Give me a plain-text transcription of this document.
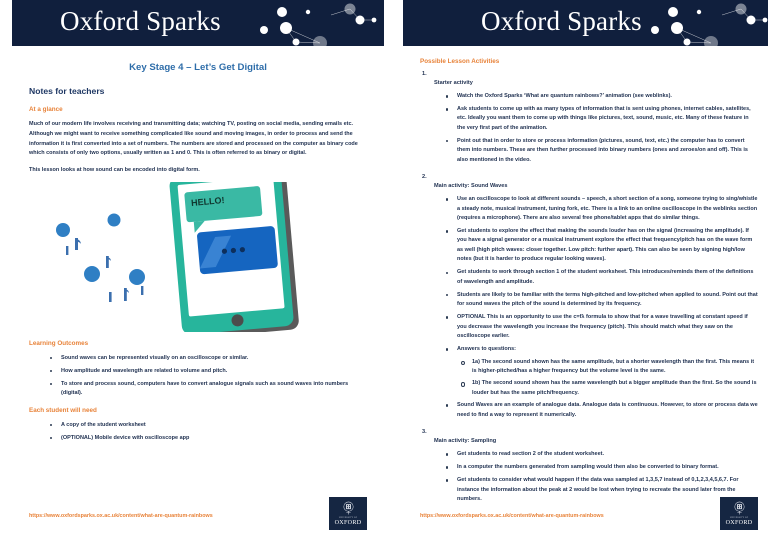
Oxford Sparks
Key Stage 4 – Let’s Get Digital
Notes for teachers
At a glance

Much of our modern life involves receiving and transmitting data; watching TV, posting on social media, sending emails etc. Although we might want to receive something complicated like sound and moving images, in order to process and send the information it is first converted into a set of numbers. The numbers are stored and processed on the computer as binary code which consists of only two options, usually written as 1 and 0. This is often referred to as binary or digital.

This lesson looks at how sound can be encoded into digital form.

HELLO!
Learning Outcomes
Sound waves can be represented visually on an oscilloscope or similar.
How amplitude and wavelength are related to volume and pitch.
To store and process sound, computers have to convert analogue signals such as sound waves into numbers (digital).
Each student will need
A copy of the student worksheet
(OPTIONAL) Mobile device with oscilloscope app
https://www.oxfordsparks.ox.ac.uk/content/what-are-quantum-rainbows	UNIVERSITY OF
OXFORD
Oxford Sparks
Possible Lesson Activities
1.
Starter activity
Watch the Oxford Sparks ‘What are quantum rainbows?’ animation (see weblinks).
Ask students to come up with as many types of information that is sent using phones, internet cables, satellites, etc. Ideally you want them to come up with things like pictures, text, sound, music, etc. Many of these feature in the very first part of the animation.
Point out that in order to store or process information (pictures, sound, text, etc.) the computer has to convert them into numbers. These are then further processed into binary numbers (ones and zeroes/on and off). This is also mentioned in the video.
2.
Main activity: Sound Waves
Use an oscilloscope to look at different sounds – speech, a short section of a song, someone trying to sing/whistle a steady note, musical instrument, tuning fork, etc. There is a link to an online oscilloscope in the weblinks section (requires a microphone). There are also several free phone/tablet apps that do similar things.
Get students to explore the effect that making the sounds louder has on the signal (increasing the amplitude). If you have a signal generator or a musical instrument explore the effect that frequency/pitch has on the wave form as well (high pitch waves: closer together. Low pitch: further apart). This can also be seen by signing high/low notes (but it is harder to produce regular looking waves).
Get students to work through section 1 of the student worksheet. This introduces/reminds them of the definitions of wavelength and amplitude.
Students are likely to be familiar with the terms high-pitched and low-pitched when applied to sound. Point out that for sound waves the pitch of the sound is determined by its frequency.
OPTIONAL This is an opportunity to use the c=fλ formula to show that for a wave travelling at constant speed if you decrease the wavelength you increase the frequency (pitch). This should match what they saw on the oscilloscope earlier.
Answers to questions:
1a) The second sound shown has the same amplitude, but a shorter wavelength than the first. This means it is higher-pitched/has a higher frequency but the volume level is the same.
1b) The second sound shown has the same wavelength but a bigger amplitude than the first. So the sound is louder but has the same pitch/frequency.
Sound Waves are an example of analogue data. Analogue data is continuous. However, to store or process data we need to find a way to represent it numerically.
3.
Main activity: Sampling
Get students to read section 2 of the student worksheet.
In a computer the numbers generated from sampling would then also be converted to binary format.
Get students to consider what would happen if the data was sampled at 1,3,5,7 instead of 0,1,2,3,4,5,6,7. For instance the information about the peak at 2 would be lost when trying to recreate the sound later from the numbers.
https://www.oxfordsparks.ox.ac.uk/content/what-are-quantum-rainbows	UNIVERSITY OF
OXFORD
